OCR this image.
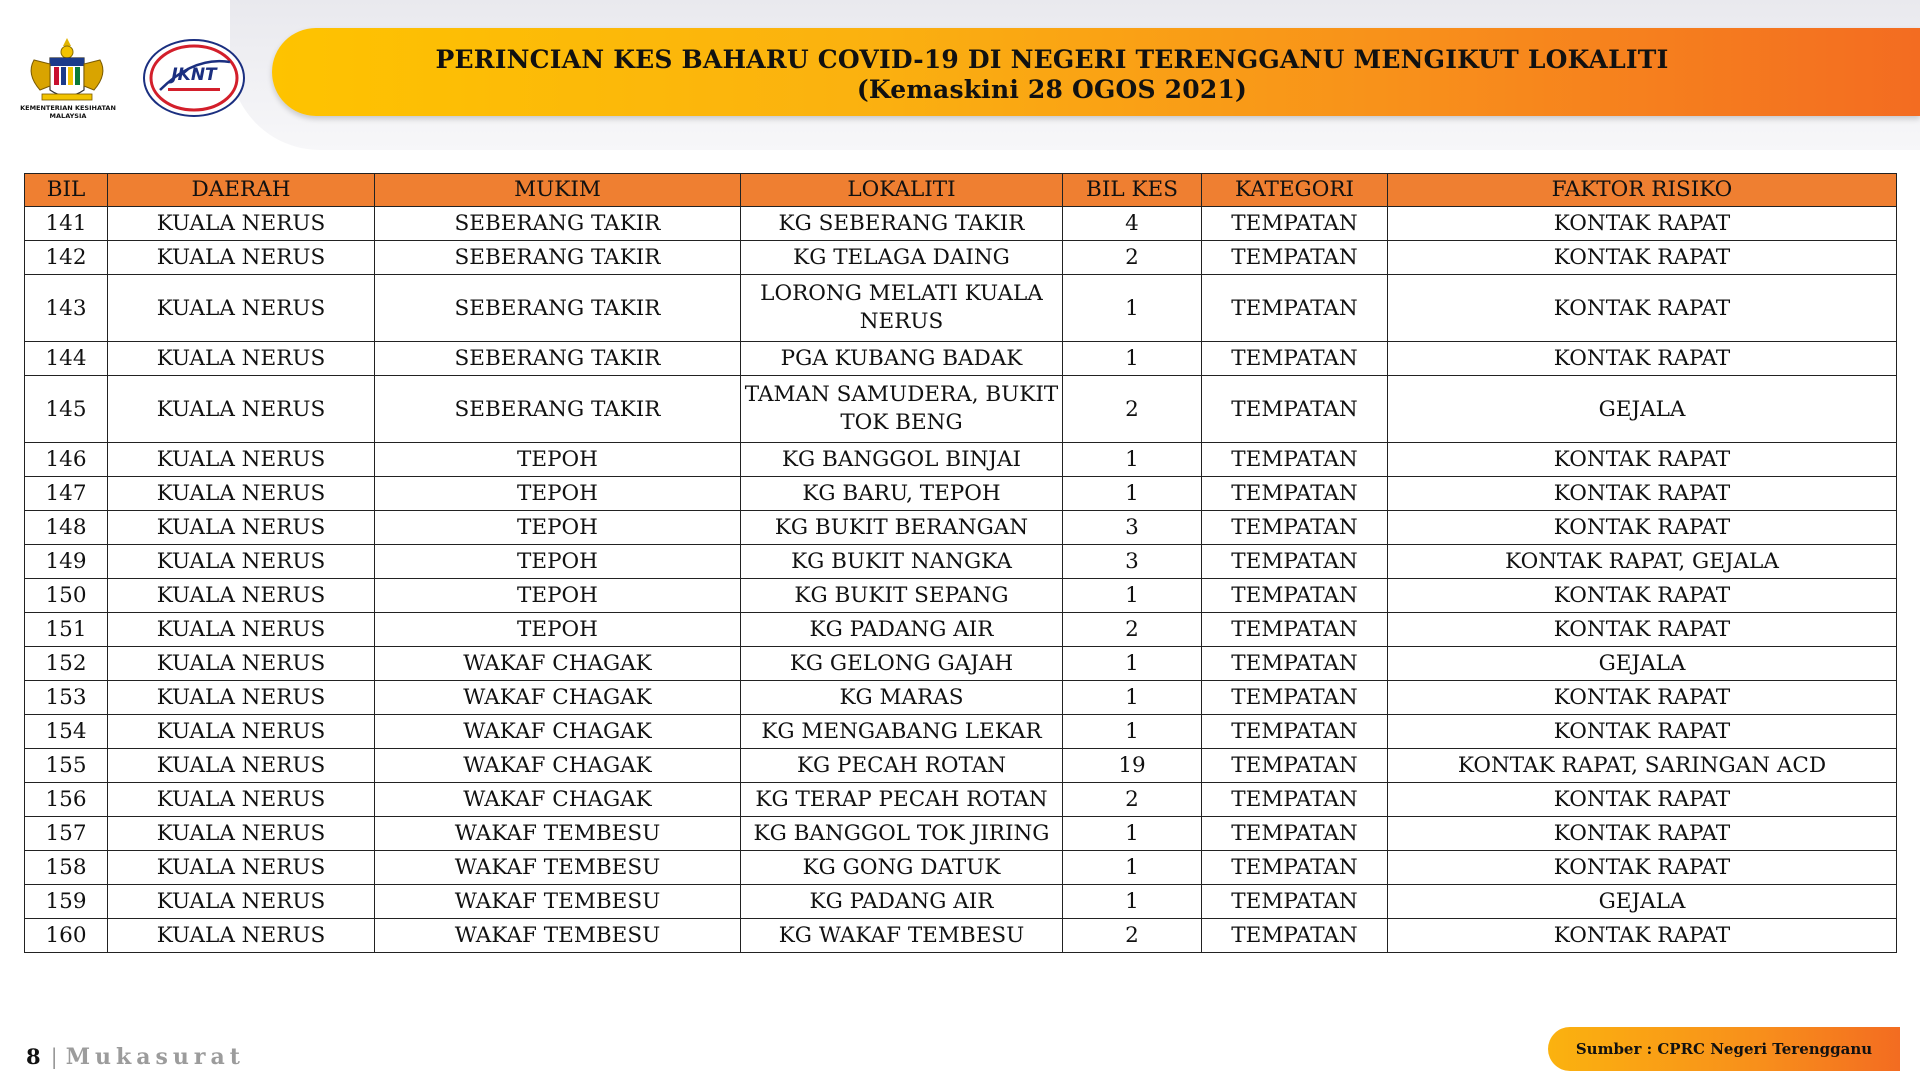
KEMENTERIAN KESIHATAN MALAYSIA
JKNT
PERINCIAN KES BAHARU COVID-19 DI NEGERI TERENGGANU MENGIKUT LOKALITI
(Kemaskini 28 OGOS 2021)
BIL	DAERAH	MUKIM	LOKALITI	BIL KES	KATEGORI	FAKTOR RISIKO
141	KUALA NERUS	SEBERANG TAKIR	KG SEBERANG TAKIR	4	TEMPATAN	KONTAK RAPAT
142	KUALA NERUS	SEBERANG TAKIR	KG TELAGA DAING	2	TEMPATAN	KONTAK RAPAT
143	KUALA NERUS	SEBERANG TAKIR	LORONG MELATI KUALA NERUS	1	TEMPATAN	KONTAK RAPAT
144	KUALA NERUS	SEBERANG TAKIR	PGA KUBANG BADAK	1	TEMPATAN	KONTAK RAPAT
145	KUALA NERUS	SEBERANG TAKIR	TAMAN SAMUDERA, BUKIT TOK BENG	2	TEMPATAN	GEJALA
146	KUALA NERUS	TEPOH	KG BANGGOL BINJAI	1	TEMPATAN	KONTAK RAPAT
147	KUALA NERUS	TEPOH	KG BARU, TEPOH	1	TEMPATAN	KONTAK RAPAT
148	KUALA NERUS	TEPOH	KG BUKIT BERANGAN	3	TEMPATAN	KONTAK RAPAT
149	KUALA NERUS	TEPOH	KG BUKIT NANGKA	3	TEMPATAN	KONTAK RAPAT, GEJALA
150	KUALA NERUS	TEPOH	KG BUKIT SEPANG	1	TEMPATAN	KONTAK RAPAT
151	KUALA NERUS	TEPOH	KG PADANG AIR	2	TEMPATAN	KONTAK RAPAT
152	KUALA NERUS	WAKAF CHAGAK	KG GELONG GAJAH	1	TEMPATAN	GEJALA
153	KUALA NERUS	WAKAF CHAGAK	KG MARAS	1	TEMPATAN	KONTAK RAPAT
154	KUALA NERUS	WAKAF CHAGAK	KG MENGABANG LEKAR	1	TEMPATAN	KONTAK RAPAT
155	KUALA NERUS	WAKAF CHAGAK	KG PECAH ROTAN	19	TEMPATAN	KONTAK RAPAT, SARINGAN ACD
156	KUALA NERUS	WAKAF CHAGAK	KG TERAP PECAH ROTAN	2	TEMPATAN	KONTAK RAPAT
157	KUALA NERUS	WAKAF TEMBESU	KG BANGGOL TOK JIRING	1	TEMPATAN	KONTAK RAPAT
158	KUALA NERUS	WAKAF TEMBESU	KG GONG DATUK	1	TEMPATAN	KONTAK RAPAT
159	KUALA NERUS	WAKAF TEMBESU	KG PADANG AIR	1	TEMPATAN	GEJALA
160	KUALA NERUS	WAKAF TEMBESU	KG WAKAF TEMBESU	2	TEMPATAN	KONTAK RAPAT
8 | Mukasurat	Sumber : CPRC Negeri Terengganu
